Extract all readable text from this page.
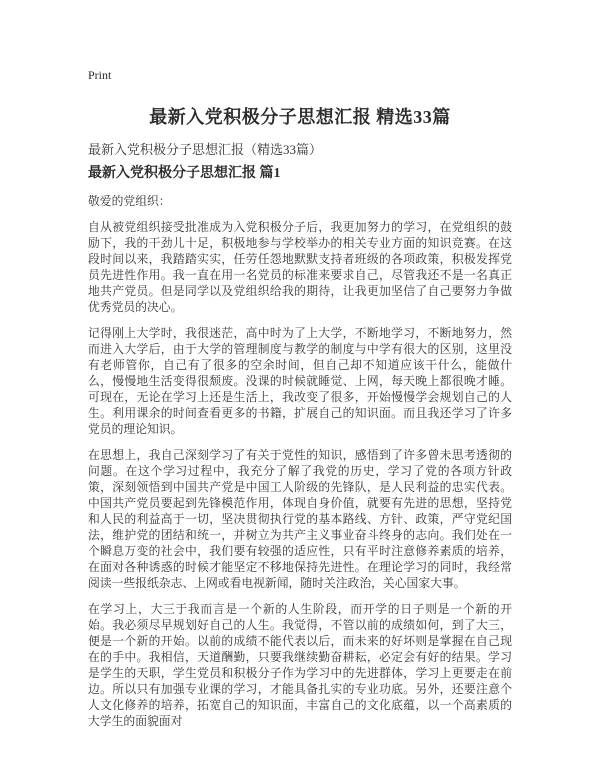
Print
最新入党积极分子思想汇报 精选33篇
最新入党积极分子思想汇报（精选33篇）
最新入党积极分子思想汇报 篇1

敬爱的党组织：

自从被党组织接受批准成为入党积极分子后，我更加努力的学习，在党组织的鼓励下，我的干劲儿十足，积极地参与学校举办的相关专业方面的知识竞赛。在这段时间以来，我踏踏实实，任劳任怨地默默支持者班级的各项政策，积极发挥党员先进性作用。我一直在用一名党员的标准来要求自己，尽管我还不是一名真正地共产党员。但是同学以及党组织给我的期待，让我更加坚信了自己要努力争做优秀党员的决心。

记得刚上大学时，我很迷茫，高中时为了上大学，不断地学习，不断地努力，然而进入大学后，由于大学的管理制度与教学的制度与中学有很大的区别，这里没有老师管你，自己有了很多的空余时间，但自己却不知道应该干什么，能做什么，慢慢地生活变得很颓废。没课的时候就睡觉、上网，每天晚上都很晚才睡。可现在，无论在学习上还是生活上，我改变了很多，开始慢慢学会规划自己的人生。利用课余的时间查看更多的书籍，扩展自己的知识面。而且我还学习了许多党员的理论知识。

在思想上，我自己深刻学习了有关于党性的知识，感悟到了许多曾未思考透彻的问题。在这个学习过程中，我充分了解了我党的历史，学习了党的各项方针政策，深刻领悟到中国共产党是中国工人阶级的先锋队，是人民利益的忠实代表。中国共产党员要起到先锋模范作用，体现自身价值，就要有先进的思想，坚持党和人民的利益高于一切，坚决贯彻执行党的基本路线、方针、政策，严守党纪国法，维护党的团结和统一，并树立为共产主义事业奋斗终身的志向。我们处在一个瞬息万变的社会中，我们要有较强的适应性，只有平时注意修养素质的培养，在面对各种诱惑的时候才能坚定不移地保持先进性。在理论学习的同时，我经常阅读一些报纸杂志、上网或看电视新闻，随时关注政治，关心国家大事。

在学习上，大三于我而言是一个新的人生阶段，而开学的日子则是一个新的开始。我必须尽早规划好自己的人生。我觉得，不管以前的成绩如何，到了大三，便是一个新的开始。以前的成绩不能代表以后，而未来的好坏则是掌握在自己现在的手中。我相信，天道酬勤，只要我继续勤奋耕耘，必定会有好的结果。学习是学生的天职，学生党员和积极分子作为学习中的先进群体，学习上更要走在前边。所以只有加强专业课的学习，才能具备扎实的专业功底。另外，还要注意个人文化修养的培养，拓宽自己的知识面，丰富自己的文化底蕴，以一个高素质的大学生的面貌面对
